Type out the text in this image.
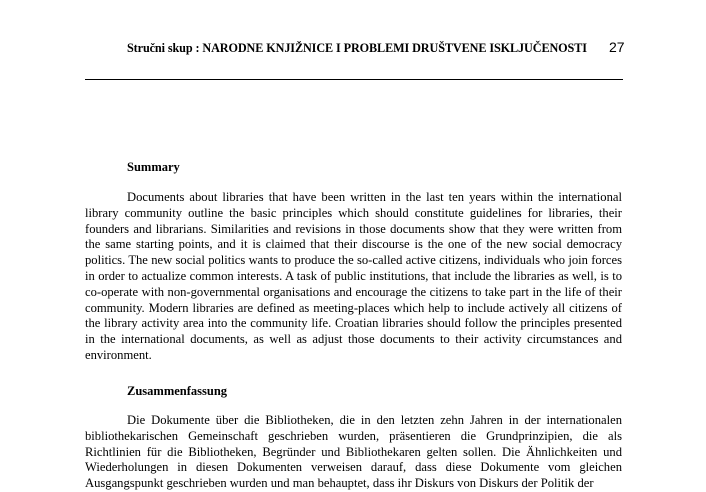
Stručni skup : NARODNE KNJIŽNICE I PROBLEMI DRUŠTVENE ISKLJUČENOSTI 27
Summary

Documents about libraries that have been written in the last ten years within the international library community outline the basic principles which should constitute guidelines for libraries, their founders and librarians. Similarities and revisions in those documents show that they were written from the same starting points, and it is claimed that their discourse is the one of the new social democracy politics. The new social politics wants to produce the so-called active citizens, individuals who join forces in order to actualize common interests. A task of public institutions, that include the libraries as well, is to co-operate with non-governmental organisations and encourage the citizens to take part in the life of their community. Modern libraries are defined as meeting-places which help to include actively all citizens of the library activity area into the community life. Croatian libraries should follow the principles presented in the international documents, as well as adjust those documents to their activity circumstances and environment.

Zusammenfassung

Die Dokumente über die Bibliotheken, die in den letzten zehn Jahren in der internationalen bibliothekarischen Gemeinschaft geschrieben wurden, präsentieren die Grundprinzipien, die als Richtlinien für die Bibliotheken, Begründer und Bibliothekaren gelten sollen. Die Ähnlichkeiten und Wiederholungen in diesen Dokumenten verweisen darauf, dass diese Dokumente vom gleichen Ausgangspunkt geschrieben wurden und man behauptet, dass ihr Diskurs von Diskurs der Politik der
